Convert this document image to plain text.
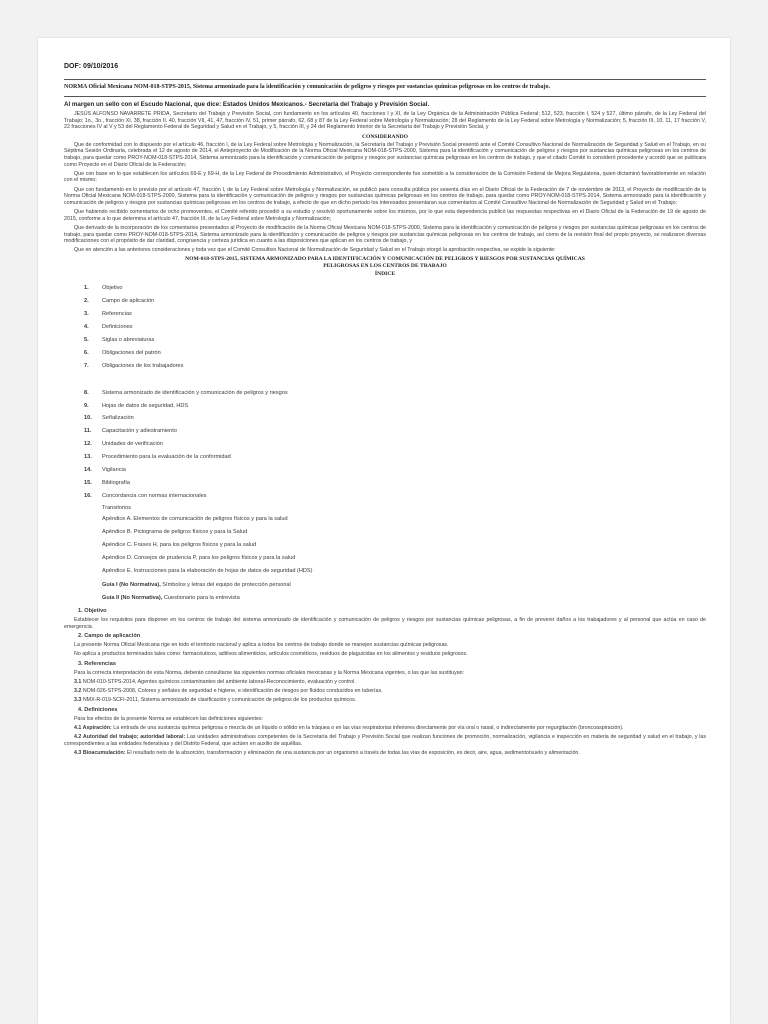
DOF: 09/10/2016
NORMA Oficial Mexicana NOM-018-STPS-2015, Sistema armonizado para la identificación y comunicación de peligros y riesgos por sustancias químicas peligrosas en los centros de trabajo.
Al margen un sello con el Escudo Nacional, que dice: Estados Unidos Mexicanos.- Secretaría del Trabajo y Previsión Social.

JESÚS ALFONSO NAVARRETE PRIDA, Secretario del Trabajo y Previsión Social, con fundamento en los artículos 40, fracciones I y XI, de la Ley Orgánica de la Administración Pública Federal; 512, 523, fracción I, 524 y 527, último párrafo, de la Ley Federal del Trabajo; 1o., 3o., fracción XI, 38, fracción II, 40, fracción VII, 41, 47, fracción IV, 51, primer párrafo, 62, 68 y 87 de la Ley Federal sobre Metrología y Normalización; 28 del Reglamento de la Ley Federal sobre Metrología y Normalización; 5, fracción III, 10, 11, 17 fracción V, 22 fracciones IV al V y 53 del Reglamento Federal de Seguridad y Salud en el Trabajo, y 5, fracción III, y 24 del Reglamento Interior de la Secretaría del Trabajo y Previsión Social, y

CONSIDERANDO

Que de conformidad con lo dispuesto por el artículo 46, fracción I, de la Ley Federal sobre Metrología y Normalización, la Secretaría del Trabajo y Previsión Social presentó ante el Comité Consultivo Nacional de Normalización de Seguridad y Salud en el Trabajo, en su Séptima Sesión Ordinaria, celebrada el 12 de agosto de 2014, el Anteproyecto de Modificación de la Norma Oficial Mexicana NOM-018-STPS-2000, Sistema para la identificación y comunicación de peligros y riesgos por sustancias químicas peligrosas en los centros de trabajo, para quedar como PROY-NOM-018-STPS-2014, Sistema armonizado para la identificación y comunicación de peligros y riesgos por sustancias químicas peligrosas en los centros de trabajo, y que el citado Comité lo consideró procedente y acordó que se publicara como Proyecto en el Diario Oficial de la Federación;

Que con base en lo que establecen los artículos 69-E y 69-H, de la Ley Federal de Procedimiento Administrativo, el Proyecto correspondiente fue sometido a la consideración de la Comisión Federal de Mejora Regulatoria, quien dictaminó favorablemente en relación con el mismo;

Que con fundamento en lo previsto por el artículo 47, fracción I, de la Ley Federal sobre Metrología y Normalización, se publicó para consulta pública por sesenta días en el Diario Oficial de la Federación de 7 de noviembre de 2013, el Proyecto de modificación de la Norma Oficial Mexicana NOM-018-STPS-2000, Sistema para la identificación y comunicación de peligros y riesgos por sustancias químicas peligrosas en los centros de trabajo, para quedar como PROY-NOM-018-STPS-2014, Sistema armonizado para la identificación y comunicación de peligros y riesgos por sustancias químicas peligrosas en los centros de trabajo, a efecto de que en dicho periodo los interesados presentaran sus comentarios al Comité Consultivo Nacional de Normalización de Seguridad y Salud en el Trabajo;

Que habiendo recibido comentarios de ocho promoventes, el Comité referido procedió a su estudio y resolvió oportunamente sobre los mismos, por lo que esta dependencia publicó las respuestas respectivas en el Diario Oficial de la Federación de 19 de agosto de 2015, conforme a lo que determina el artículo 47, fracción III, de la Ley Federal sobre Metrología y Normalización;

Que derivado de la incorporación de los comentarios presentados al Proyecto de modificación de la Norma Oficial Mexicana NOM-018-STPS-2000, Sistema para la identificación y comunicación de peligros y riesgos por sustancias químicas peligrosas en los centros de trabajo, para quedar como PROY-NOM-018-STPS-2014, Sistema armonizado para la identificación y comunicación de peligros y riesgos por sustancias químicas peligrosas en los centros de trabajo, así como de la revisión final del propio proyecto, se realizaron diversas modificaciones con el propósito de dar claridad, congruencia y certeza jurídica en cuanto a las disposiciones que aplican en los centros de trabajo, y

Que en atención a las anteriores consideraciones y toda vez que el Comité Consultivo Nacional de Normalización de Seguridad y Salud en el Trabajo otorgó la aprobación respectiva, se expide la siguiente:

NOM-018-STPS-2015, SISTEMA ARMONIZADO PARA LA IDENTIFICACIÓN Y COMUNICACIÓN DE PELIGROS Y RIESGOS POR SUSTANCIAS QUÍMICAS PELIGROSAS EN LOS CENTROS DE TRABAJO
ÍNDICE
1. Objetivo
2. Campo de aplicación
3. Referencias
4. Definiciones
5. Siglas o abreviaturas
6. Obligaciones del patrón
7. Obligaciones de los trabajadores
8. Sistema armonizado de identificación y comunicación de peligros y riesgos
9. Hojas de datos de seguridad, HDS
10. Señalización
11. Capacitación y adiestramiento
12. Unidades de verificación
13. Procedimiento para la evaluación de la conformidad
14. Vigilancia
15. Bibliografía
16. Concordancia con normas internacionales
Transitorios
Apéndice A. Elementos de comunicación de peligros físicos y para la salud
Apéndice B. Pictograma de peligros físicos y para la Salud
Apéndice C. Frases H, para los peligros físicos y para la salud
Apéndice D. Consejos de prudencia P, para los peligros físicos y para la salud
Apéndice E. Instrucciones para la elaboración de hojas de datos de seguridad (HDS)
Guía I (No Normativa), Símbolos y letras del equipo de protección personal
Guía II (No Normativa), Cuestionario para la entrevista
1. Objetivo

Establecer los requisitos para disponer en los centros de trabajo del sistema armonizado de identificación y comunicación de peligros y riesgos por sustancias químicas peligrosas, a fin de prevenir daños a los trabajadores y al personal que actúa en caso de emergencia.

2. Campo de aplicación

La presente Norma Oficial Mexicana rige en todo el territorio nacional y aplica a todos los centros de trabajo donde se manejen sustancias químicas peligrosas.

No aplica a productos terminados tales como: farmacéuticos, aditivos alimenticios, artículos cosméticos, residuos de plaguicidas en los alimentos y residuos peligrosos.

3. Referencias

Para la correcta interpretación de esta Norma, deberán consultarse las siguientes normas oficiales mexicanas y la Norma Mexicana vigentes, o las que las sustituyan:

3.1 NOM-010-STPS-2014, Agentes químicos contaminantes del ambiente laboral-Reconocimiento, evaluación y control.

3.2 NOM-026-STPS-2008, Colores y señales de seguridad e higiene, e identificación de riesgos por fluidos conducidos en tuberías.

3.3 NMX-R-019-SCFI-2011, Sistema armonizado de clasificación y comunicación de peligros de los productos químicos.

4. Definiciones

Para los efectos de la presente Norma se establecen las definiciones siguientes:

4.1 Aspiración: La entrada de una sustancia química peligrosa o mezcla de un líquido o sólido en la tráquea o en las vías respiratorias inferiores directamente por vía oral o nasal, o indirectamente por regurgitación (broncoaspiración).

4.2 Autoridad del trabajo; autoridad laboral: Las unidades administrativas competentes de la Secretaría del Trabajo y Previsión Social que realizan funciones de promoción, normalización, vigilancia e inspección en materia de seguridad y salud en el trabajo, y las correspondientes a las entidades federativas y del Distrito Federal, que actúen en auxilio de aquéllas.

4.3 Bioacumulación: El resultado neto de la absorción, transformación y eliminación de una sustancia por un organismo a través de todas las vías de exposición, es decir, aire, agua, sedimento/suelo y alimentación.
